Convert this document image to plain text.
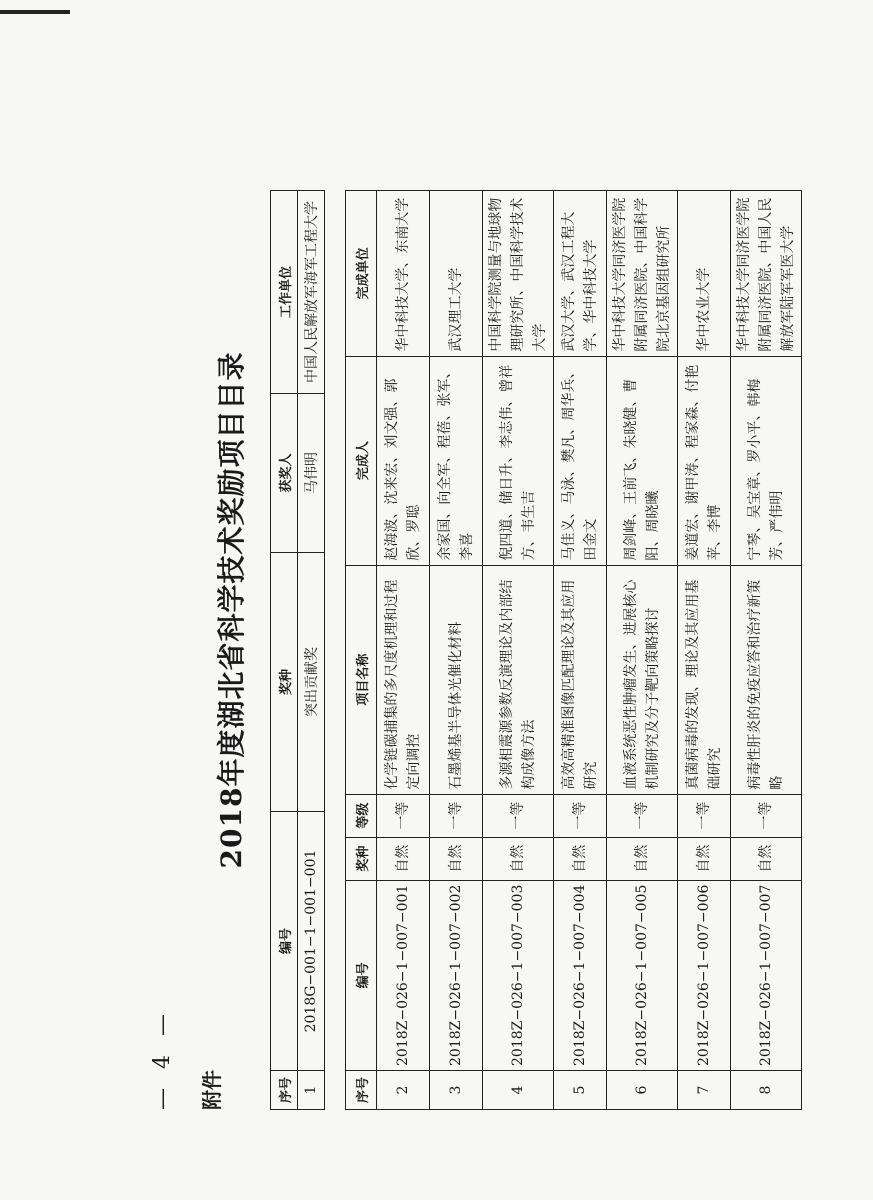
— 4 — 附件
2018年度湖北省科学技术奖励项目目录
序号	编号	奖种	获奖人	工作单位
1	2018G−001−1−001−001	突出贡献奖	马伟明	中国人民解放军海军工程大学
序号	编号	奖种	等级	项目名称	完成人	完成单位
2	2018Z−026−1−007−001	自然	一等	化学链碳捕集的多尺度机理和过程定向调控	赵海波、沈来宏、刘文强、郭欣、罗聪	华中科技大学、东南大学
3	2018Z−026−1−007−002	自然	一等	石墨烯基半导体光催化材料	余家国、向全军、程蓓、张军、李喜	武汉理工大学
4	2018Z−026−1−007−003	自然	一等	多源相震源参数反演理论及内部结构成像方法	倪四道、储日升、李志伟、曾祥方、韦生吉	中国科学院测量与地球物理研究所、中国科学技术大学
5	2018Z−026−1−007−004	自然	一等	高效高精准图像匹配理论及其应用研究	马佳义、马泳、樊凡、周华兵、田金文	武汉大学、武汉工程大学、华中科技大学
6	2018Z−026−1−007−005	自然	一等	血液系统恶性肿瘤发生、进展核心机制研究及分子靶向策略探讨	周剑峰、王前飞、朱晓健、曹阳、周晓曦	华中科技大学同济医学院附属同济医院、中国科学院北京基因组研究所
7	2018Z−026−1−007−006	自然	一等	真菌病毒的发现、理论及其应用基础研究	姜道宏、谢甲涛、程家森、付艳苹、李博	华中农业大学
8	2018Z−026−1−007−007	自然	一等	病毒性肝炎的免疫应答和治疗新策略	宁琴、吴宝章、罗小平、韩梅芳、严伟明	华中科技大学同济医学院附属同济医院、中国人民解放军陆军军医大学
